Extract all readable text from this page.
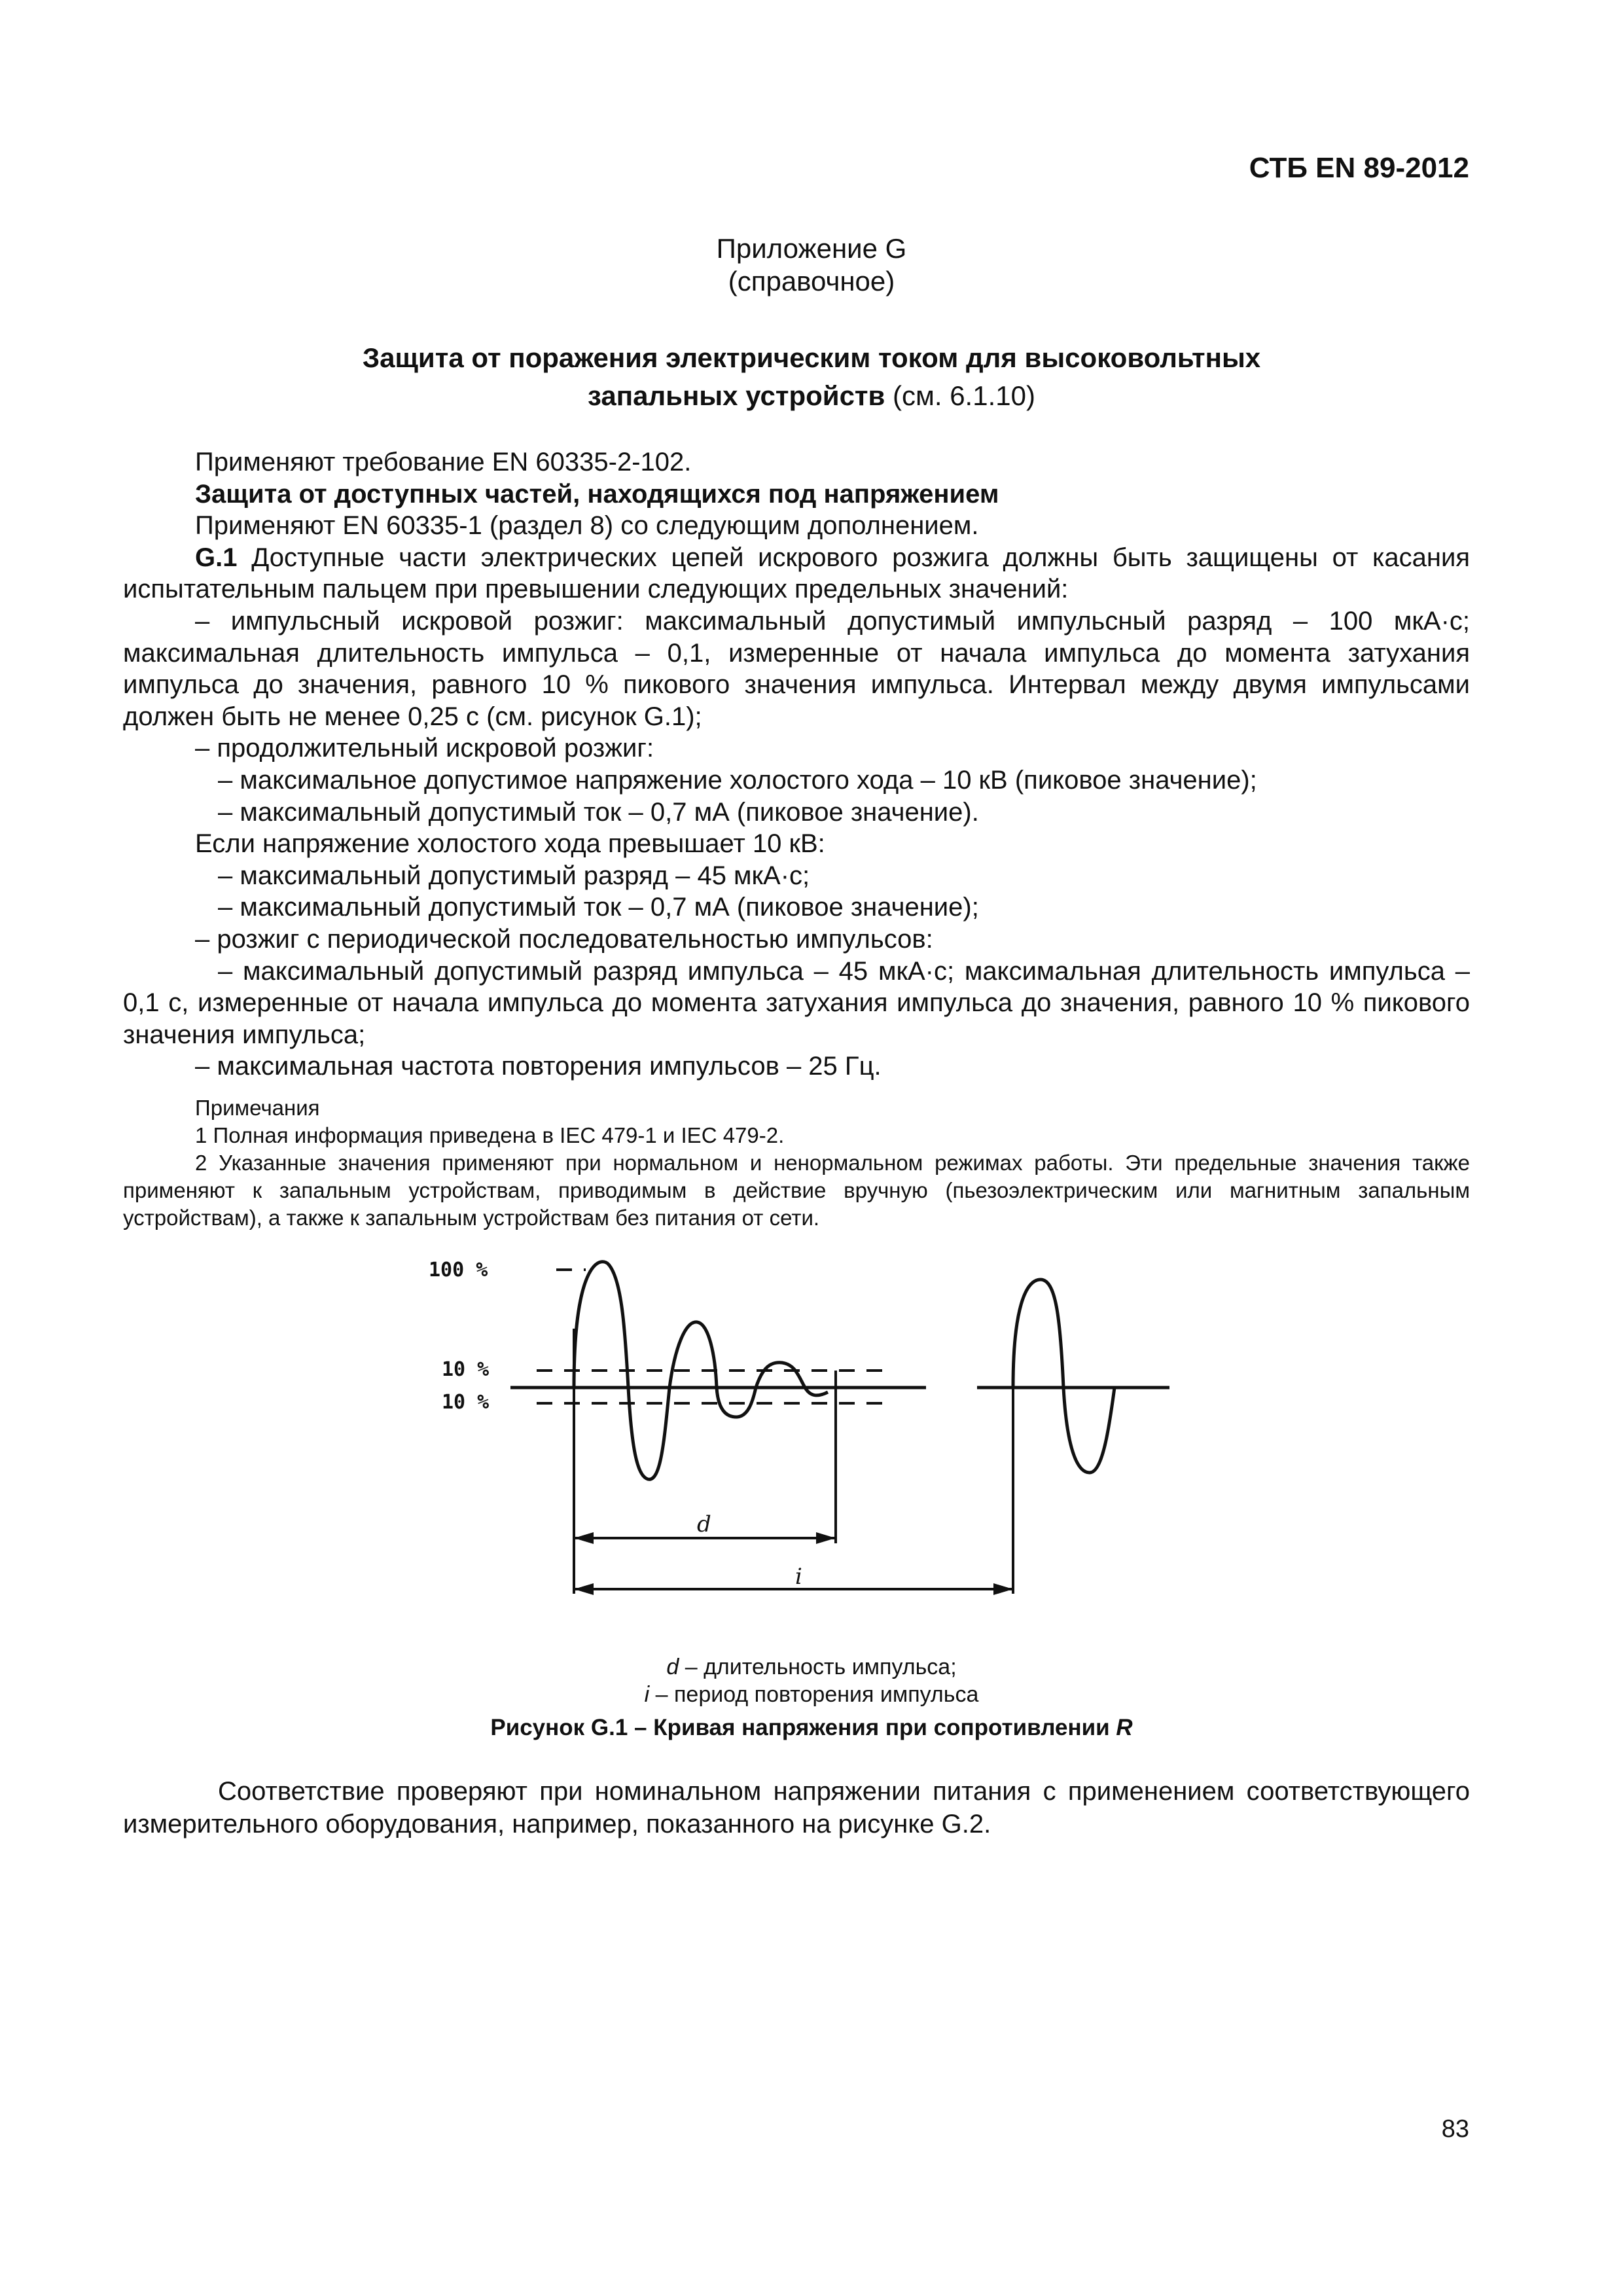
СТБ EN 89-2012
Приложение G
(справочное)
Защита от поражения электрическим током для высоковольтных
запальных устройств (см. 6.1.10)

Применяют требование EN 60335-2-102.

Защита от доступных частей, находящихся под напряжением

Применяют EN 60335-1 (раздел 8) со следующим дополнением.

G.1 Доступные части электрических цепей искрового розжига должны быть защищены от касания испытательным пальцем при превышении следующих предельных значений:

– импульсный искровой розжиг: максимальный допустимый импульсный разряд – 100 мкА·с; максимальная длительность импульса – 0,1, измеренные от начала импульса до момента затухания импульса до значения, равного 10 % пикового значения импульса. Интервал между двумя импульсами должен быть не менее 0,25 с (см. рисунок G.1);

– продолжительный искровой розжиг:

– максимальное допустимое напряжение холостого хода – 10 кВ (пиковое значение);

– максимальный допустимый ток – 0,7 мА (пиковое значение).

Если напряжение холостого хода превышает 10 кВ:

– максимальный допустимый разряд – 45 мкА·с;

– максимальный допустимый ток – 0,7 мА (пиковое значение);

– розжиг с периодической последовательностью импульсов:

– максимальный допустимый разряд импульса – 45 мкА·с; максимальная длительность импульса – 0,1 с, измеренные от начала импульса до момента затухания импульса до значения, равного 10 % пикового значения импульса;

– максимальная частота повторения импульсов – 25 Гц.

Примечания

1 Полная информация приведена в IEC 479-1 и IEC 479-2.

2 Указанные значения применяют при нормальном и ненормальном режимах работы. Эти предельные значения также применяют к запальным устройствам, приводимым в действие вручную (пьезоэлектрическим или магнитным запальным устройствам), а также к запальным устройствам без питания от сети.

100 %
10 %
10 %
d
i
d – длительность импульса;
i – период повторения импульса
Рисунок G.1 – Кривая напряжения при сопротивлении R

Соответствие проверяют при номинальном напряжении питания с применением соответствующего измерительного оборудования, например, показанного на рисунке G.2.

83
